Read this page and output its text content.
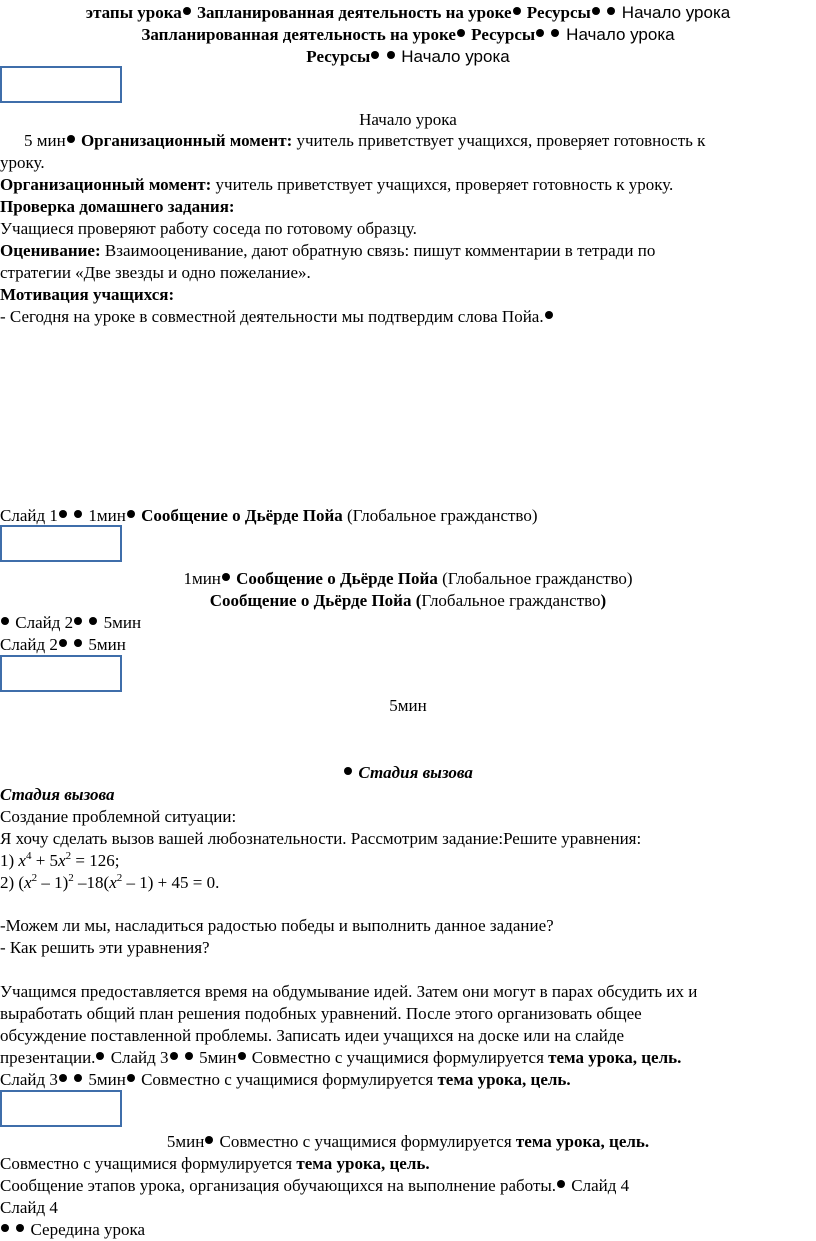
этапы урока Запланированная деятельность на уроке Ресурсы  Начало урока
Запланированная деятельность на уроке Ресурсы  Начало урока
Ресурсы  Начало урока
Начало урока
5 мин Организационный момент: учитель приветствует учащихся, проверяет готовность к
уроку.
Организационный момент: учитель приветствует учащихся, проверяет готовность к уроку.
Проверка домашнего задания:
Учащиеся проверяют работу соседа по готовому образцу.
Оценивание: Взаимооценивание, дают обратную связь: пишут комментарии в тетради по
стратегии «Две звезды и одно пожелание».
Мотивация учащихся:
- Сегодня на уроке в совместной деятельности мы подтвердим слова Пойа.
Слайд 1  1мин Сообщение о Дьёрде Пойа (Глобальное гражданство)
1мин Сообщение о Дьёрде Пойа (Глобальное гражданство)
Сообщение о Дьёрде Пойа (Глобальное гражданство)
Слайд 2  5мин
Слайд 2  5мин
5мин
Стадия вызова
Стадия вызова
Создание проблемной ситуации:
Я хочу сделать вызов вашей любознательности. Рассмотрим задание:Решите уравнения:
1) $x^4 + 5x^2 = 126$;
2) $(x^2 - 1)^2$ $-18(x^2 - 1) + 45 = 0$.
-Можем ли мы, насладиться радостью победы и выполнить данное задание?
- Как решить эти уравнения?
Учащимся предоставляется время на обдумывание идей. Затем они могут в парах обсудить их и
выработать общий план решения подобных уравнений. После этого организовать общее
обсуждение поставленной проблемы. Записать идеи учащихся на доске или на слайде
презентации. Слайд 3  5мин Совместно с учащимися формулируется тема урока, цель.
Слайд 3  5мин Совместно с учащимися формулируется тема урока, цель.
5мин Совместно с учащимися формулируется тема урока, цель.
Совместно с учащимися формулируется тема урока, цель.
Сообщение этапов урока, организация обучающихся на выполнение работы. Слайд 4
Слайд 4
Середина урока
